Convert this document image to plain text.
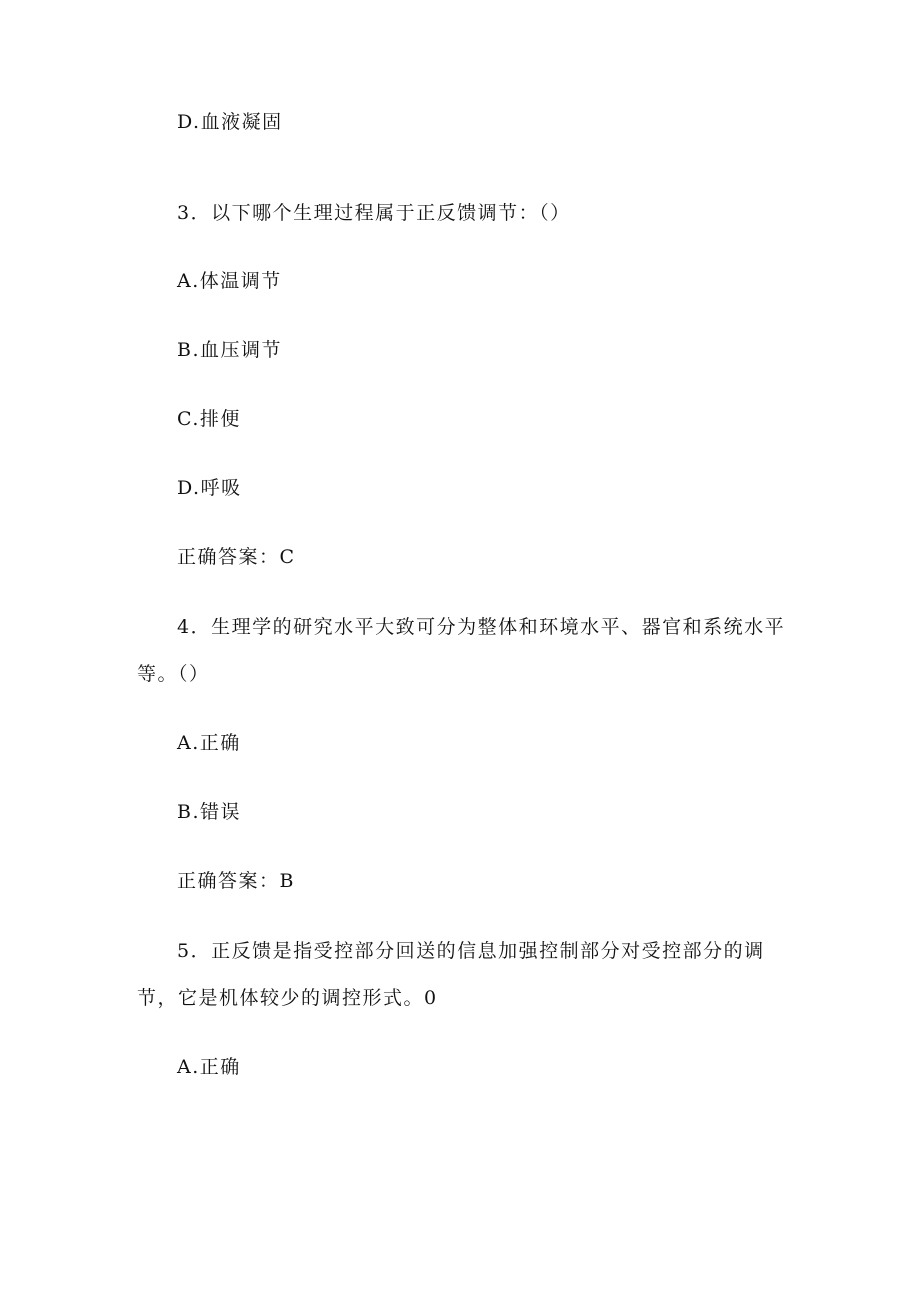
D.血液凝固
3．以下哪个生理过程属于正反馈调节：（）
A.体温调节
B.血压调节
C.排便
D.呼吸
正确答案：C
4．生理学的研究水平大致可分为整体和环境水平、器官和系统水平
等。（）
A.正确
B.错误
正确答案：B
5．正反馈是指受控部分回送的信息加强控制部分对受控部分的调
节，它是机体较少的调控形式。0
A.正确
